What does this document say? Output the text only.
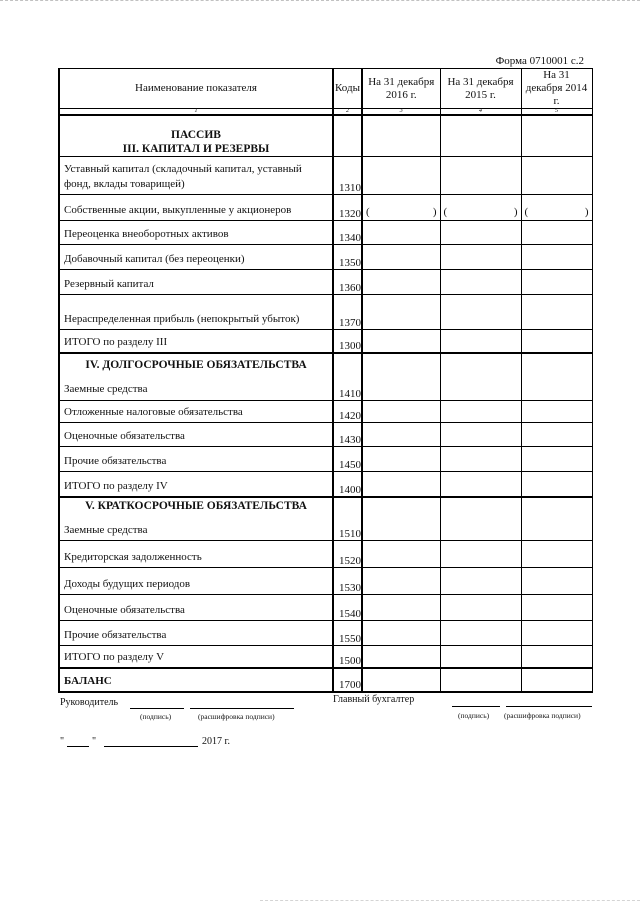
Форма 0710001 с.2
Наименование показателя	Коды	На 31 декабря 2016 г.	На 31 декабря 2015 г.	На 31 декабря 2014 г.
1	2	3	4	5

ПАССИВ
III. КАПИТАЛ И РЕЗЕРВЫ				

Уставный капитал (складочный капитал, уставный фонд, вклады товарищей)	1310			

Собственные акции, выкупленные у акционеров	1320	( )	( )	( )

Переоценка внеоборотных активов	1340			

Добавочный капитал (без переоценки)	1350			

Резервный капитал	1360			

Нераспределенная прибыль (непокрытый убыток)	1370			

ИТОГО по разделу III	1300			

IV. ДОЛГОСРОЧНЫЕ ОБЯЗАТЕЛЬСТВА
Заемные средства	1410			

Отложенные налоговые обязательства	1420			

Оценочные обязательства	1430			

Прочие обязательства	1450			

ИТОГО по разделу IV	1400			

V. КРАТКОСРОЧНЫЕ ОБЯЗАТЕЛЬСТВА
Заемные средства	1510			

Кредиторская задолженность	1520			

Доходы будущих периодов	1530			

Оценочные обязательства	1540			

Прочие обязательства	1550			

ИТОГО по разделу V	1500			

БАЛАНС	1700			
Руководитель
(подпись)	(расшифровка подписи)
Главный бухгалтер
(подпись) (расшифровка подписи)
"	"	2017 г.
